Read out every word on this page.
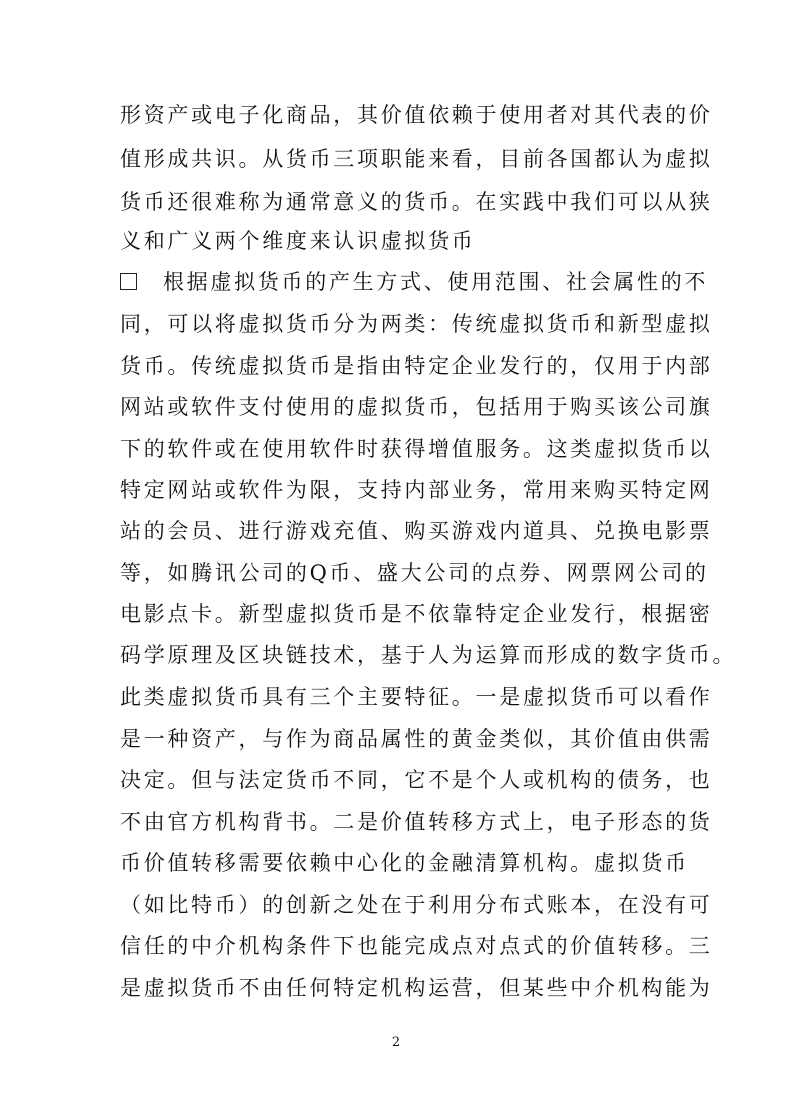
形资产或电子化商品，其价值依赖于使用者对其代表的价
值形成共识。从货币三项职能来看，目前各国都认为虚拟
货币还很难称为通常意义的货币。在实践中我们可以从狭
义和广义两个维度来认识虚拟货币
根据虚拟货币的产生方式、使用范围、社会属性的不
同，可以将虚拟货币分为两类：传统虚拟货币和新型虚拟
货币。传统虚拟货币是指由特定企业发行的，仅用于内部
网站或软件支付使用的虚拟货币，包括用于购买该公司旗
下的软件或在使用软件时获得增值服务。这类虚拟货币以
特定网站或软件为限，支持内部业务，常用来购买特定网
站的会员、进行游戏充值、购买游戏内道具、兑换电影票
等，如腾讯公司的Q币、盛大公司的点券、网票网公司的
电影点卡。新型虚拟货币是不依靠特定企业发行，根据密
码学原理及区块链技术，基于人为运算而形成的数字货币。
此类虚拟货币具有三个主要特征。一是虚拟货币可以看作
是一种资产，与作为商品属性的黄金类似，其价值由供需
决定。但与法定货币不同，它不是个人或机构的债务，也
不由官方机构背书。二是价值转移方式上，电子形态的货
币价值转移需要依赖中心化的金融清算机构。虚拟货币
（如比特币）的创新之处在于利用分布式账本，在没有可
信任的中介机构条件下也能完成点对点式的价值转移。三
是虚拟货币不由任何特定机构运营，但某些中介机构能为
2
